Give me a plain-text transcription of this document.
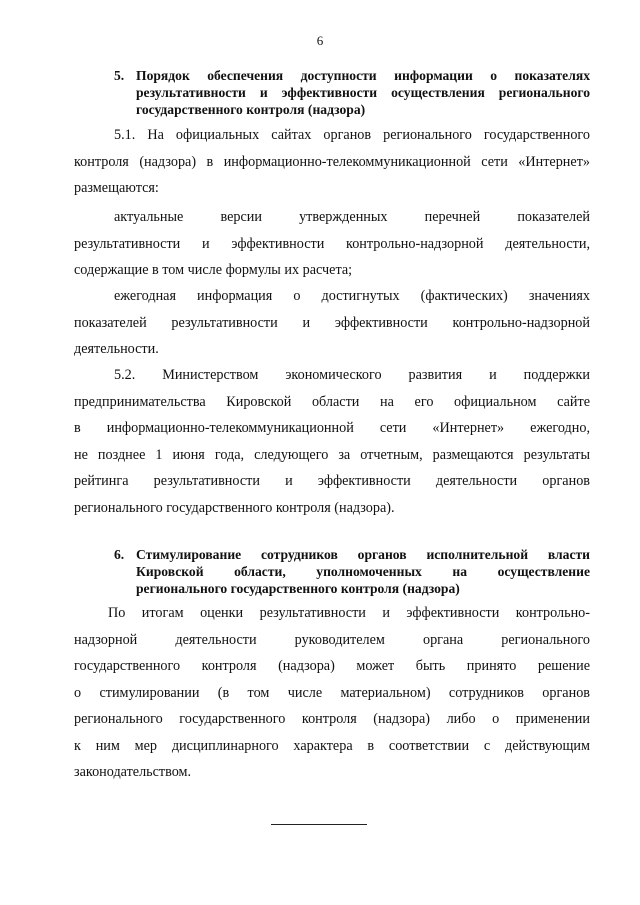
6
5. Порядок обеспечения доступности информации о показателях
результативности и эффективности осуществления регионального
государственного контроля (надзора)
5.1. На официальных сайтах органов регионального государственного
контроля (надзора) в информационно-телекоммуникационной сети «Интернет»
размещаются:
актуальные версии утвержденных перечней показателей
результативности и эффективности контрольно-надзорной деятельности,
содержащие в том числе формулы их расчета;
ежегодная информация о достигнутых (фактических) значениях
показателей результативности и эффективности контрольно-надзорной
деятельности.
5.2. Министерством экономического развития и поддержки
предпринимательства Кировской области на его официальном сайте
в информационно-телекоммуникационной сети «Интернет» ежегодно,
не позднее 1 июня года, следующего за отчетным, размещаются результаты
рейтинга результативности и эффективности деятельности органов
регионального государственного контроля (надзора).
6. Стимулирование сотрудников органов исполнительной власти
Кировской области, уполномоченных на осуществление
регионального государственного контроля (надзора)
По итогам оценки результативности и эффективности контрольно-
надзорной деятельности руководителем органа регионального
государственного контроля (надзора) может быть принято решение
о стимулировании (в том числе материальном) сотрудников органов
регионального государственного контроля (надзора) либо о применении
к ним мер дисциплинарного характера в соответствии с действующим
законодательством.
